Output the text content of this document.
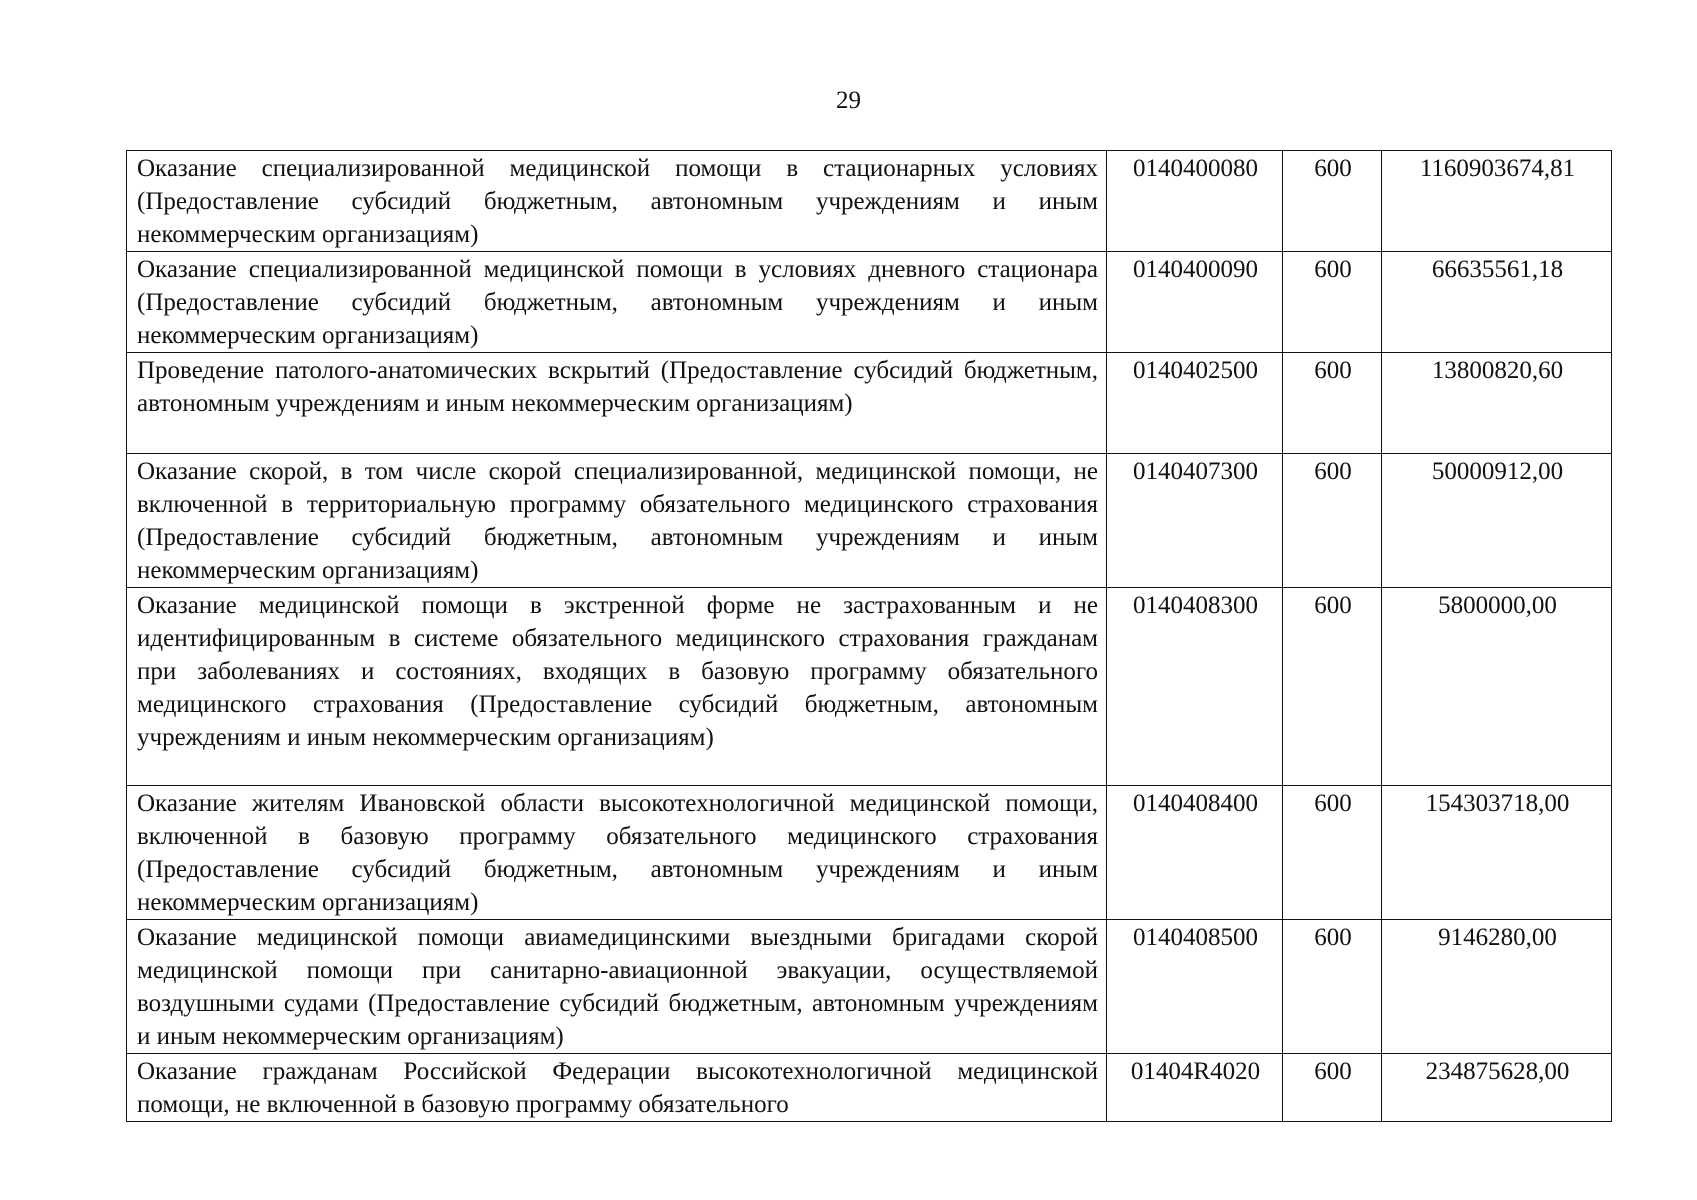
29
Оказание специализированной медицинской помощи в стационарных условиях (Предоставление субсидий бюджетным, автономным учреждениям и иным некоммерческим организациям)	0140400080	600	1160903674,81
Оказание специализированной медицинской помощи в условиях дневного стационара (Предоставление субсидий бюджетным, автономным учреждениям и иным некоммерческим организациям)	0140400090	600	66635561,18
Проведение патолого-анатомических вскрытий (Предоставление субсидий бюджетным, автономным учреждениям и иным некоммерческим организациям)	0140402500	600	13800820,60
Оказание скорой, в том числе скорой специализированной, медицинской помощи, не включенной в территориальную программу обязательного медицинского страхования (Предоставление субсидий бюджетным, автономным учреждениям и иным некоммерческим организациям)	0140407300	600	50000912,00
Оказание медицинской помощи в экстренной форме не застрахованным и не идентифицированным в системе обязательного медицинского страхования гражданам при заболеваниях и состояниях, входящих в базовую программу обязательного медицинского страхования (Предоставление субсидий бюджетным, автономным учреждениям и иным некоммерческим организациям)	0140408300	600	5800000,00
Оказание жителям Ивановской области высокотехнологичной медицинской помощи, включенной в базовую программу обязательного медицинского страхования (Предоставление субсидий бюджетным, автономным учреждениям и иным некоммерческим организациям)	0140408400	600	154303718,00
Оказание медицинской помощи авиамедицинскими выездными бригадами скорой медицинской помощи при санитарно-авиационной эвакуации, осуществляемой воздушными судами (Предоставление субсидий бюджетным, автономным учреждениям и иным некоммерческим организациям)	0140408500	600	9146280,00
Оказание гражданам Российской Федерации высокотехнологичной медицинской помощи, не включенной в базовую программу обязательного	01404R4020	600	234875628,00
